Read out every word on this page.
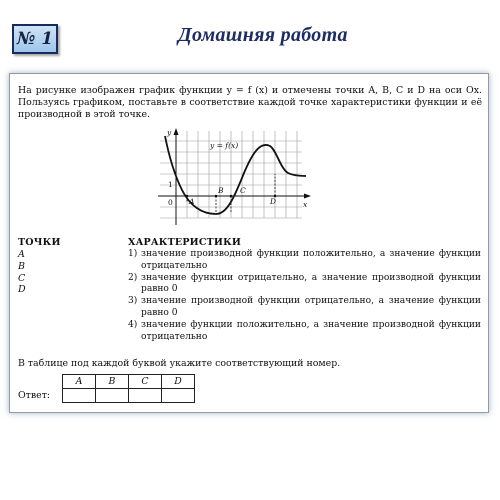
№ 1	Домашняя работа
На рисунке изображен график функции y = f (x) и отмечены точки A, B, C и D на оси Ox. Пользуясь графиком, поставьте в соответствие каждой точке характеристики функции и её производной в этой точке.
y
x
0
1
y = f(x)
A
B C
D
ТОЧКИ	ХАРАКТЕРИСТИКИ
A
B
C
D
1) значение производной функции положительно, а значение функции отрицательно
2) значение функции отрицательно, а значение производной функции равно 0
3) значение производной функции отрицательно, а значение функции равно 0
4) значение функции положительно, а значение производной функции отрицательно
В таблице под каждой буквой укажите соответствующий номер.
Ответ:
A	B	C	D
